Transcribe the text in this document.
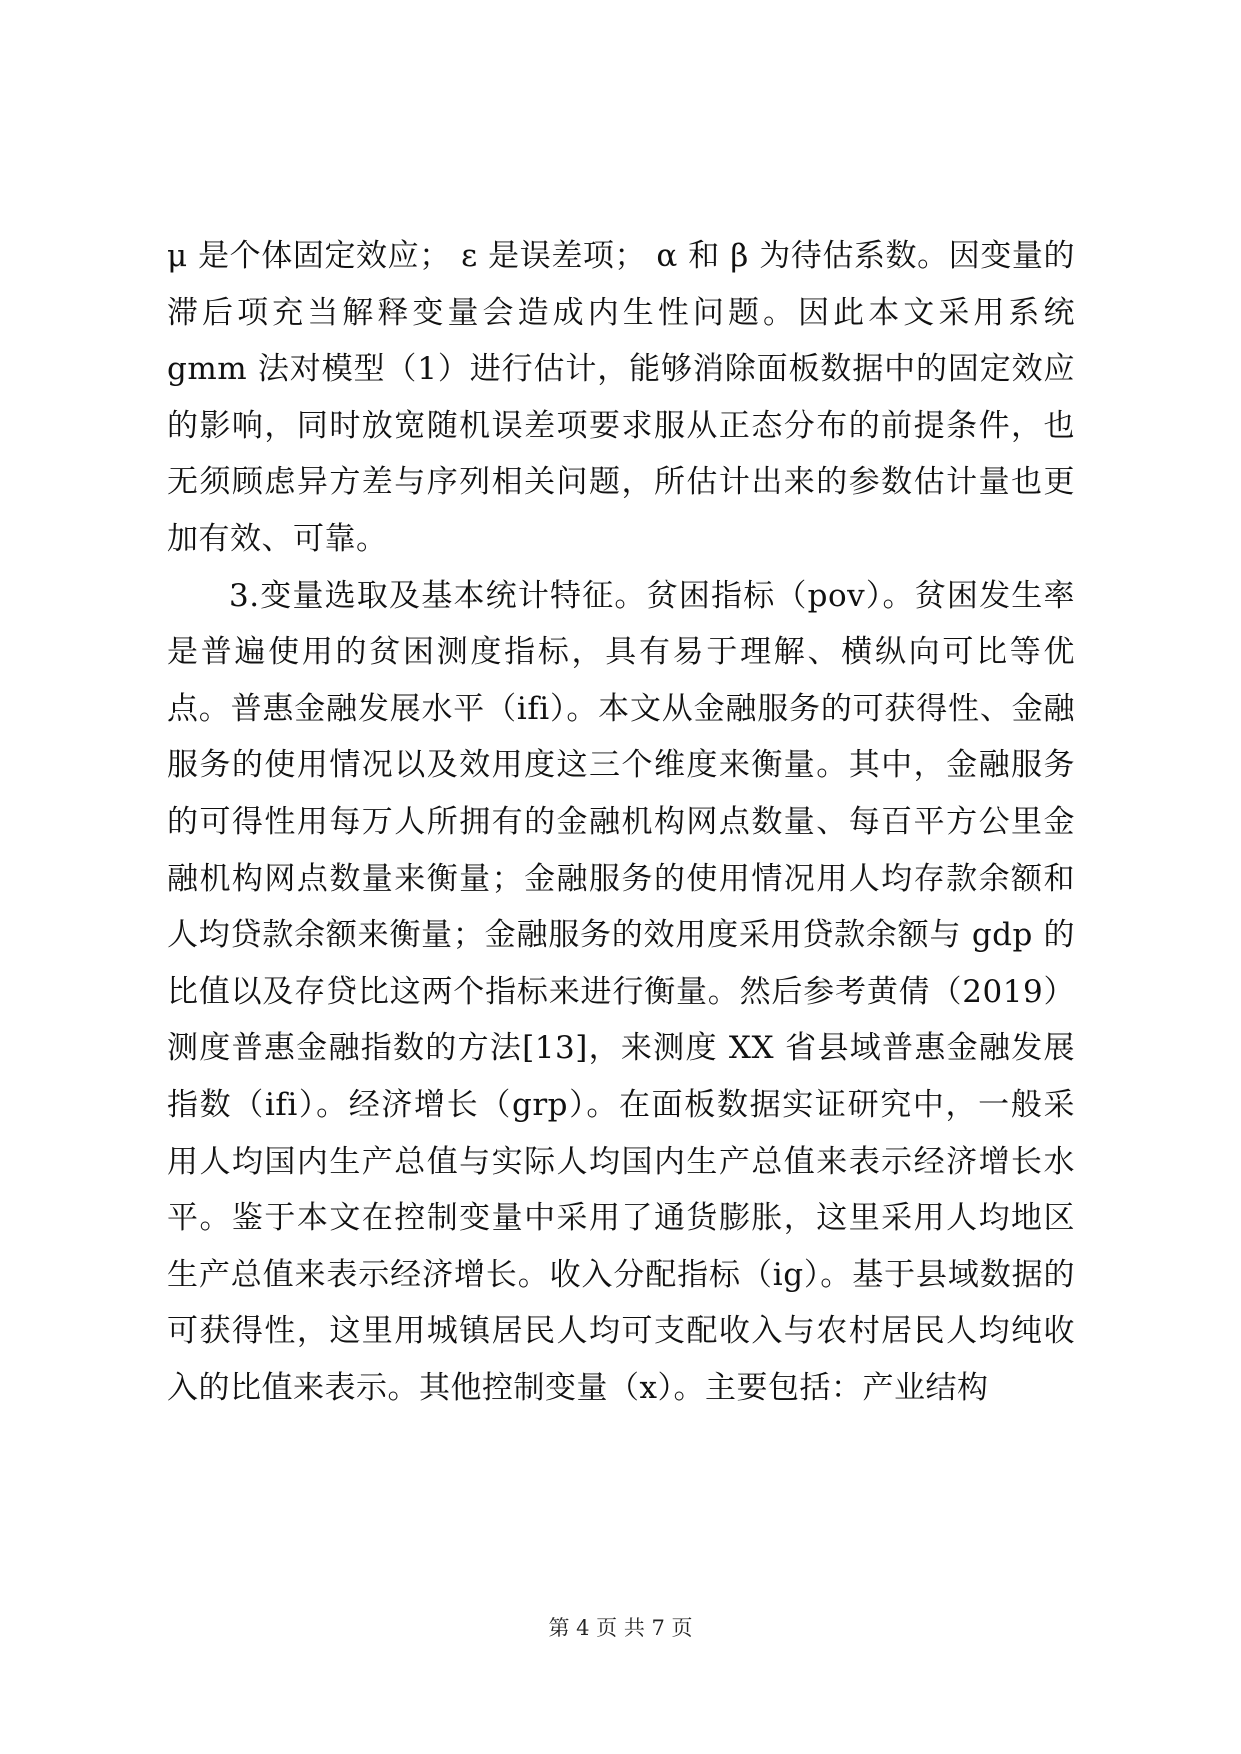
μ 是个体固定效应； ε 是误差项； α 和 β 为待估系数。因变量的滞后项充当解释变量会造成内生性问题。因此本文采用系统 gmm 法对模型（1）进行估计，能够消除面板数据中的固定效应的影响，同时放宽随机误差项要求服从正态分布的前提条件，也无须顾虑异方差与序列相关问题，所估计出来的参数估计量也更加有效、可靠。

3.变量选取及基本统计特征。贫困指标（pov）。贫困发生率是普遍使用的贫困测度指标，具有易于理解、横纵向可比等优点。普惠金融发展水平（ifi）。本文从金融服务的可获得性、金融服务的使用情况以及效用度这三个维度来衡量。其中，金融服务的可得性用每万人所拥有的金融机构网点数量、每百平方公里金融机构网点数量来衡量；金融服务的使用情况用人均存款余额和人均贷款余额来衡量；金融服务的效用度采用贷款余额与 gdp 的比值以及存贷比这两个指标来进行衡量。然后参考黄倩（2019）测度普惠金融指数的方法[13]，来测度 XX 省县域普惠金融发展指数（ifi）。经济增长（grp）。在面板数据实证研究中，一般采用人均国内生产总值与实际人均国内生产总值来表示经济增长水平。鉴于本文在控制变量中采用了通货膨胀，这里采用人均地区生产总值来表示经济增长。收入分配指标（ig）。基于县域数据的可获得性，这里用城镇居民人均可支配收入与农村居民人均纯收入的比值来表示。其他控制变量（x）。主要包括：产业结构

第 4 页 共 7 页
